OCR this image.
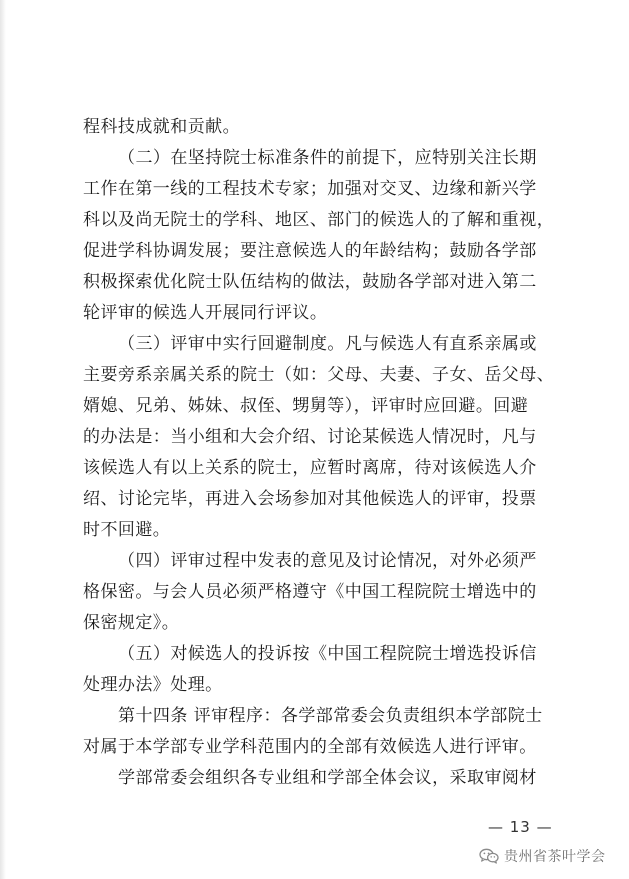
程科技成就和贡献。
（二）在坚持院士标准条件的前提下，应特别关注长期
工作在第一线的工程技术专家；加强对交叉、边缘和新兴学
科以及尚无院士的学科、地区、部门的候选人的了解和重视，
促进学科协调发展；要注意候选人的年龄结构；鼓励各学部
积极探索优化院士队伍结构的做法，鼓励各学部对进入第二
轮评审的候选人开展同行评议。
（三）评审中实行回避制度。凡与候选人有直系亲属或
主要旁系亲属关系的院士（如：父母、夫妻、子女、岳父母、
婿媳、兄弟、姊妹、叔侄、甥舅等），评审时应回避。回避
的办法是：当小组和大会介绍、讨论某候选人情况时，凡与
该候选人有以上关系的院士，应暂时离席，待对该候选人介
绍、讨论完毕，再进入会场参加对其他候选人的评审，投票
时不回避。
（四）评审过程中发表的意见及讨论情况，对外必须严
格保密。与会人员必须严格遵守《中国工程院院士增选中的
保密规定》。
（五）对候选人的投诉按《中国工程院院士增选投诉信
处理办法》处理。
第十四条 评审程序：各学部常委会负责组织本学部院士
对属于本学部专业学科范围内的全部有效候选人进行评审。
学部常委会组织各专业组和学部全体会议，采取审阅材
— 13 —
贵州省茶叶学会
